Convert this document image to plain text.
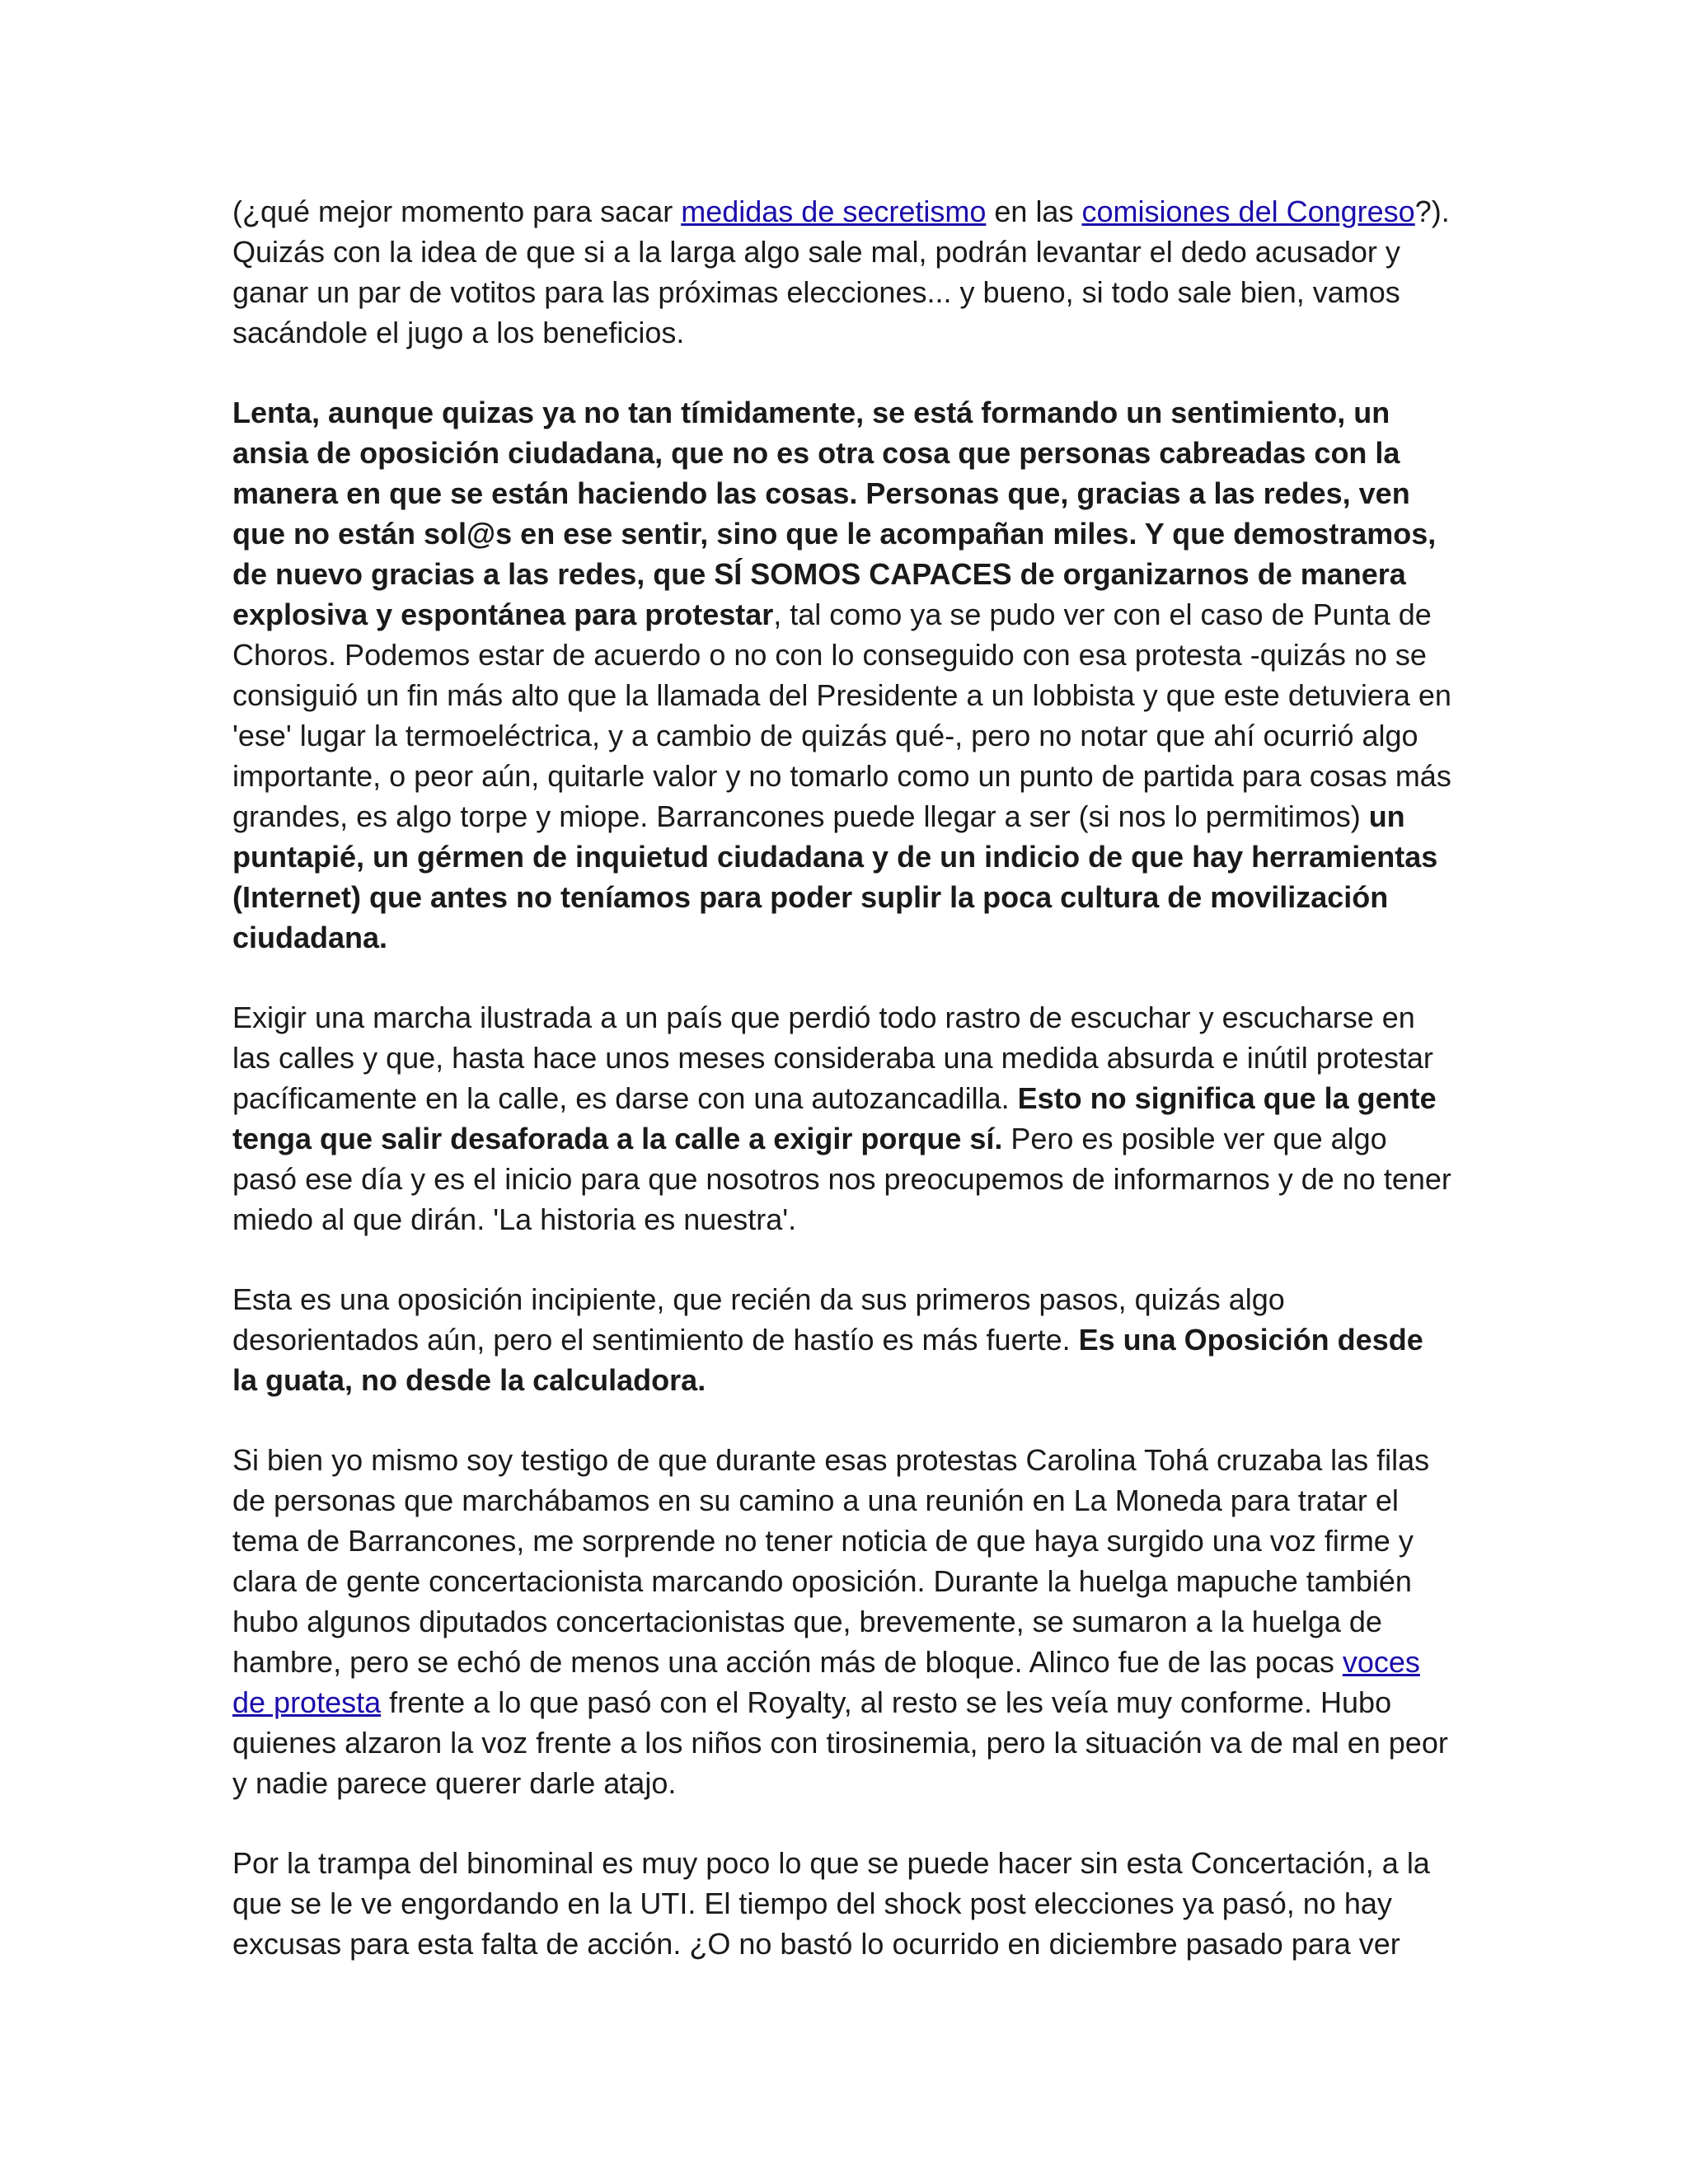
(¿qué mejor momento para sacar medidas de secretismo en las comisiones del Congreso?). Quizás con la idea de que si a la larga algo sale mal, podrán levantar el dedo acusador y ganar un par de votitos para las próximas elecciones... y bueno, si todo sale bien, vamos sacándole el jugo a los beneficios.

Lenta, aunque quizas ya no tan tímidamente, se está formando un sentimiento, un ansia de oposición ciudadana, que no es otra cosa que personas cabreadas con la manera en que se están haciendo las cosas. Personas que, gracias a las redes, ven que no están sol@s en ese sentir, sino que le acompañan miles. Y que demostramos, de nuevo gracias a las redes, que SÍ SOMOS CAPACES de organizarnos de manera explosiva y espontánea para protestar, tal como ya se pudo ver con el caso de Punta de Choros. Podemos estar de acuerdo o no con lo conseguido con esa protesta -quizás no se consiguió un fin más alto que la llamada del Presidente a un lobbista y que este detuviera en 'ese' lugar la termoeléctrica, y a cambio de quizás qué-, pero no notar que ahí ocurrió algo importante, o peor aún, quitarle valor y no tomarlo como un punto de partida para cosas más grandes, es algo torpe y miope. Barrancones puede llegar a ser (si nos lo permitimos) un puntapié, un gérmen de inquietud ciudadana y de un indicio de que hay herramientas (Internet) que antes no teníamos para poder suplir la poca cultura de movilización ciudadana.

Exigir una marcha ilustrada a un país que perdió todo rastro de escuchar y escucharse en las calles y que, hasta hace unos meses consideraba una medida absurda e inútil protestar pacíficamente en la calle, es darse con una autozancadilla. Esto no significa que la gente tenga que salir desaforada a la calle a exigir porque sí. Pero es posible ver que algo pasó ese día y es el inicio para que nosotros nos preocupemos de informarnos y de no tener miedo al que dirán. 'La historia es nuestra'.

Esta es una oposición incipiente, que recién da sus primeros pasos, quizás algo desorientados aún, pero el sentimiento de hastío es más fuerte. Es una Oposición desde la guata, no desde la calculadora.

Si bien yo mismo soy testigo de que durante esas protestas Carolina Tohá cruzaba las filas de personas que marchábamos en su camino a una reunión en La Moneda para tratar el tema de Barrancones, me sorprende no tener noticia de que haya surgido una voz firme y clara de gente concertacionista marcando oposición. Durante la huelga mapuche también hubo algunos diputados concertacionistas que, brevemente, se sumaron a la huelga de hambre, pero se echó de menos una acción más de bloque. Alinco fue de las pocas voces de protesta frente a lo que pasó con el Royalty, al resto se les veía muy conforme. Hubo quienes alzaron la voz frente a los niños con tirosinemia, pero la situación va de mal en peor y nadie parece querer darle atajo.

Por la trampa del binominal es muy poco lo que se puede hacer sin esta Concertación, a la que se le ve engordando en la UTI. El tiempo del shock post elecciones ya pasó, no hay excusas para esta falta de acción. ¿O no bastó lo ocurrido en diciembre pasado para ver
